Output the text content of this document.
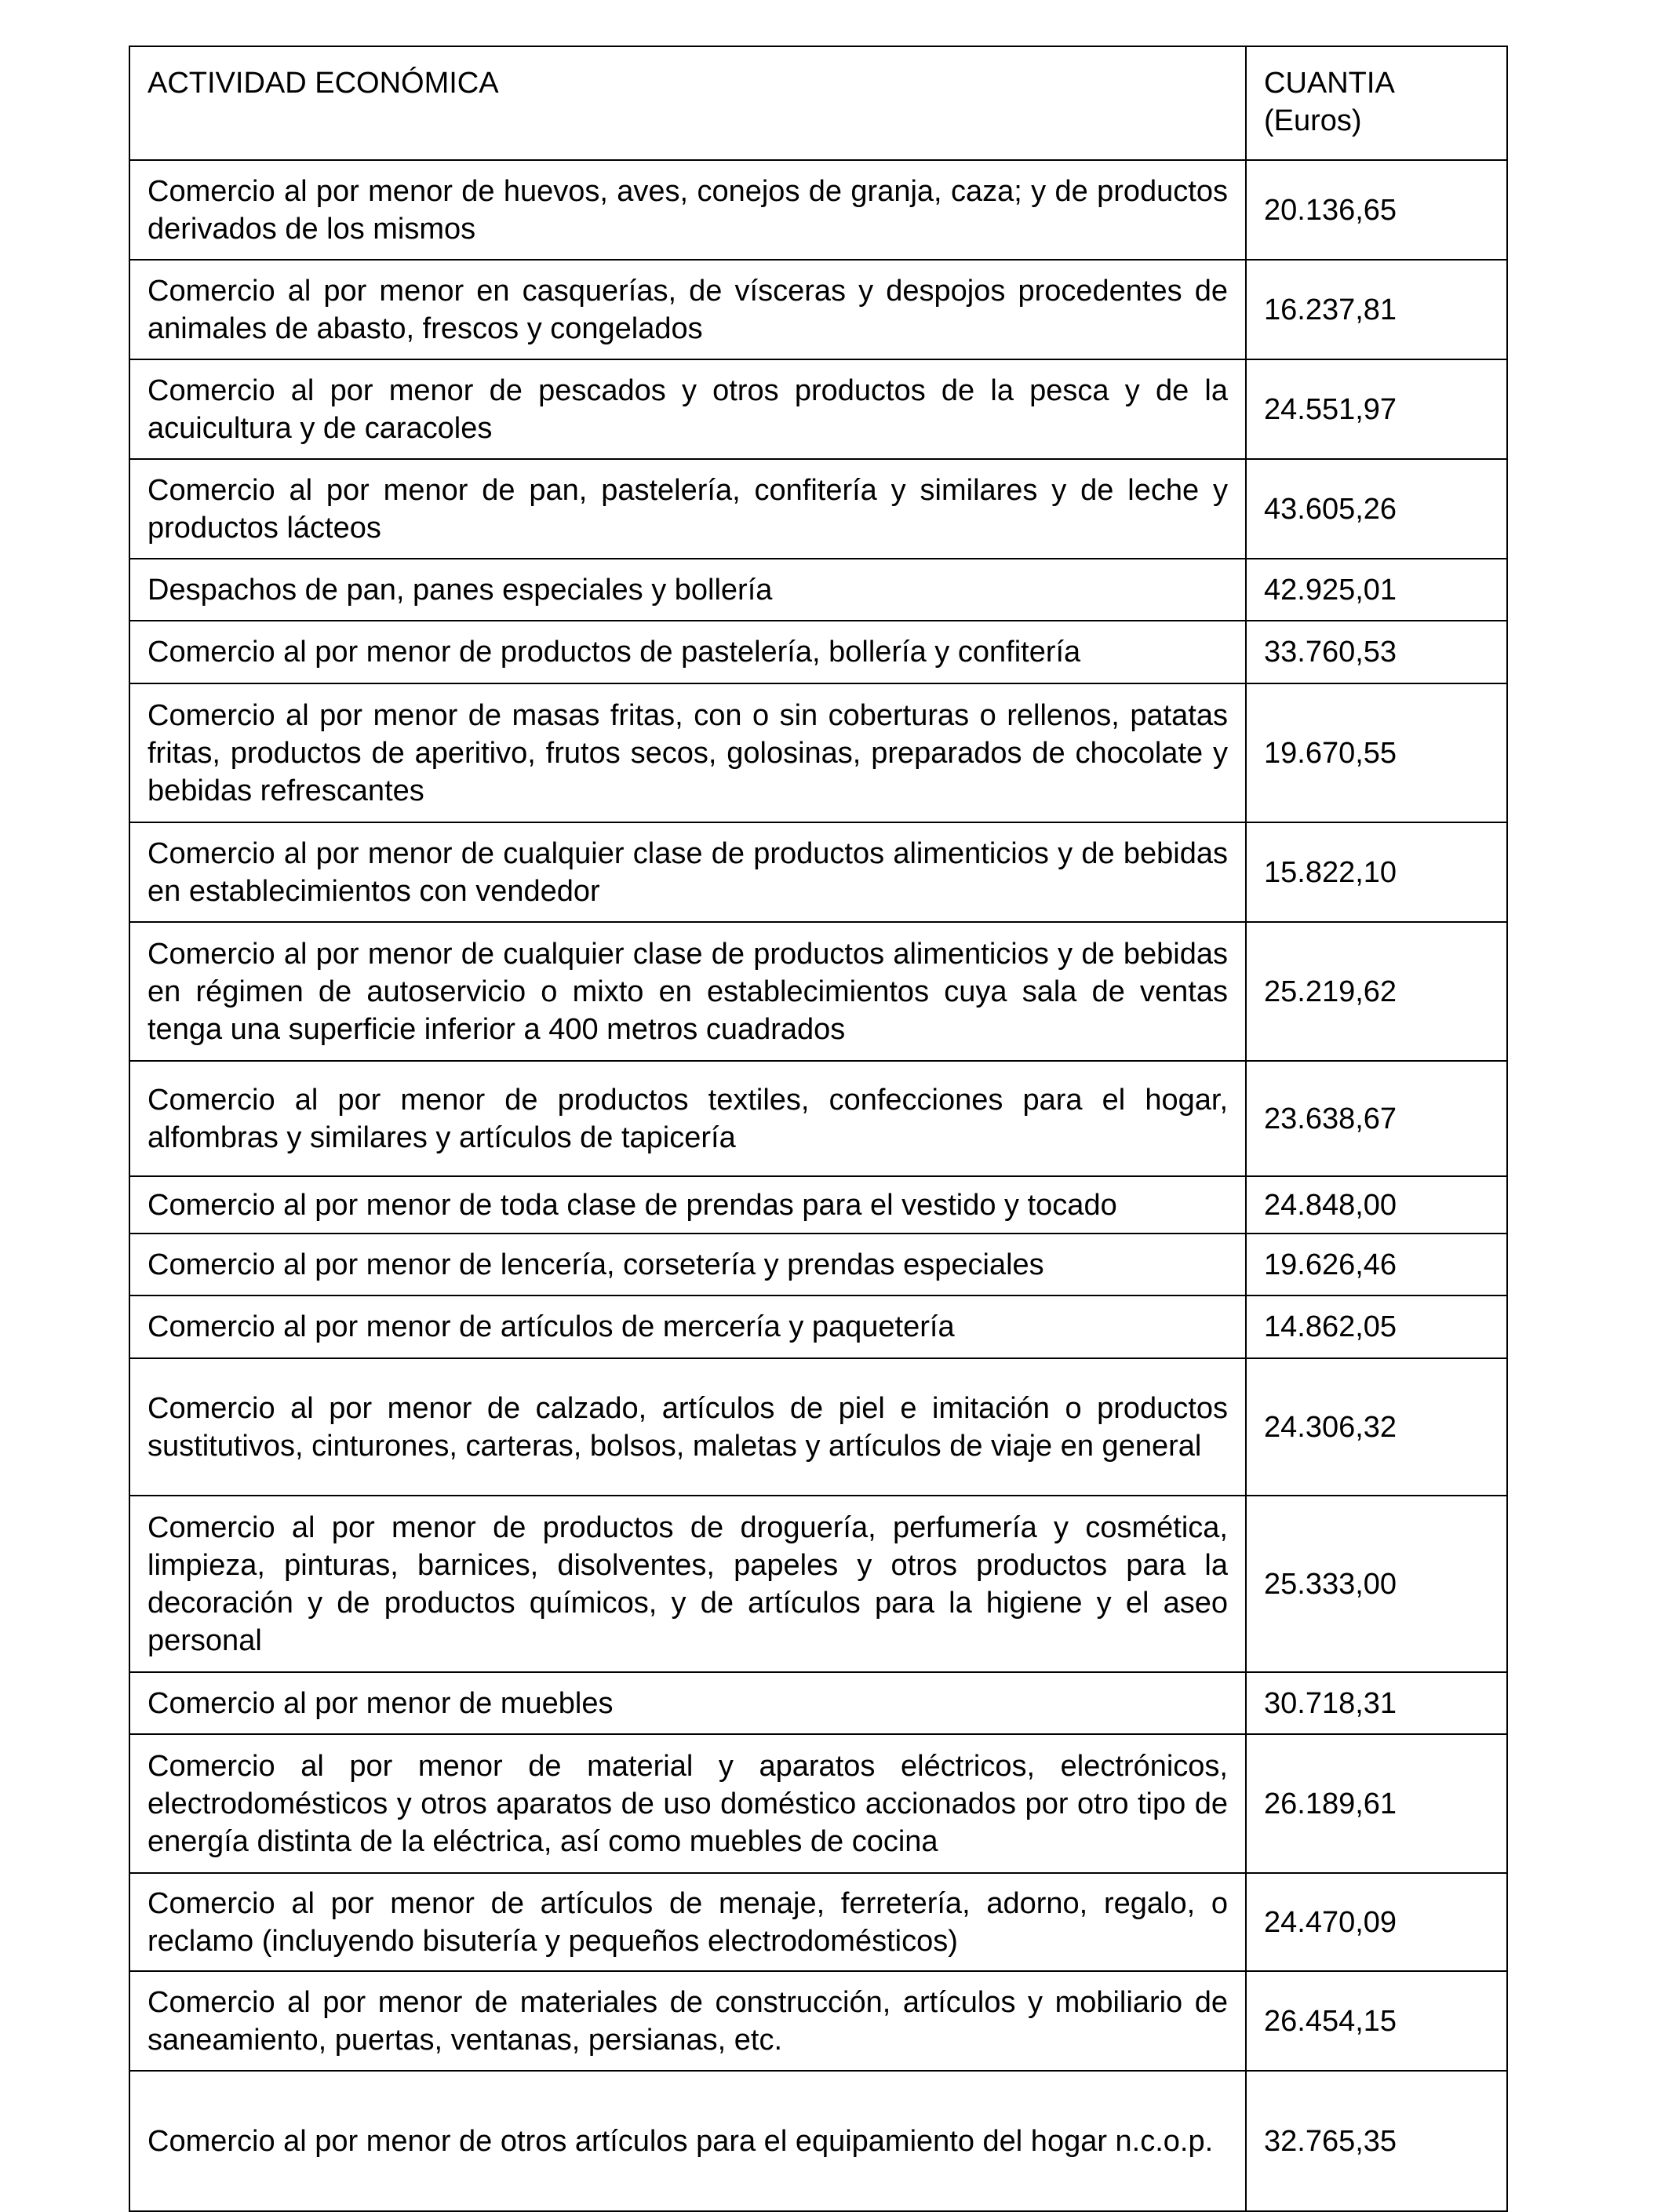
ACTIVIDAD ECONÓMICA	CUANTIA
(Euros)

Comercio al por menor de huevos, aves, conejos de granja, caza; y de productos derivados de los mismos	20.136,65
Comercio al por menor en casquerías, de vísceras y despojos procedentes de animales de abasto, frescos y congelados	16.237,81
Comercio al por menor de pescados y otros productos de la pesca y de la acuicultura y de caracoles	24.551,97
Comercio al por menor de pan, pastelería, confitería y similares y de leche y productos lácteos	43.605,26
Despachos de pan, panes especiales y bollería	42.925,01
Comercio al por menor de productos de pastelería, bollería y confitería	33.760,53
Comercio al por menor de masas fritas, con o sin coberturas o rellenos, patatas fritas, productos de aperitivo, frutos secos, golosinas, preparados de chocolate y bebidas refrescantes	19.670,55
Comercio al por menor de cualquier clase de productos alimenticios y de bebidas en establecimientos con vendedor	15.822,10
Comercio al por menor de cualquier clase de productos alimenticios y de bebidas en régimen de autoservicio o mixto en establecimientos cuya sala de ventas tenga una superficie inferior a 400 metros cuadrados	25.219,62
Comercio al por menor de productos textiles, confecciones para el hogar, alfombras y similares y artículos de tapicería	23.638,67
Comercio al por menor de toda clase de prendas para el vestido y tocado	24.848,00
Comercio al por menor de lencería, corsetería y prendas especiales	19.626,46
Comercio al por menor de artículos de mercería y paquetería	14.862,05
Comercio al por menor de calzado, artículos de piel e imitación o productos sustitutivos, cinturones, carteras, bolsos, maletas y artículos de viaje en general	24.306,32
Comercio al por menor de productos de droguería, perfumería y cosmética, limpieza, pinturas, barnices, disolventes, papeles y otros productos para la decoración y de productos químicos, y de artículos para la higiene y el aseo personal	25.333,00
Comercio al por menor de muebles	30.718,31
Comercio al por menor de material y aparatos eléctricos, electrónicos, electrodomésticos y otros aparatos de uso doméstico accionados por otro tipo de energía distinta de la eléctrica, así como muebles de cocina	26.189,61
Comercio al por menor de artículos de menaje, ferretería, adorno, regalo, o reclamo (incluyendo bisutería y pequeños electrodomésticos)	24.470,09
Comercio al por menor de materiales de construcción, artículos y mobiliario de saneamiento, puertas, ventanas, persianas, etc.	26.454,15
Comercio al por menor de otros artículos para el equipamiento del hogar n.c.o.p.	32.765,35
